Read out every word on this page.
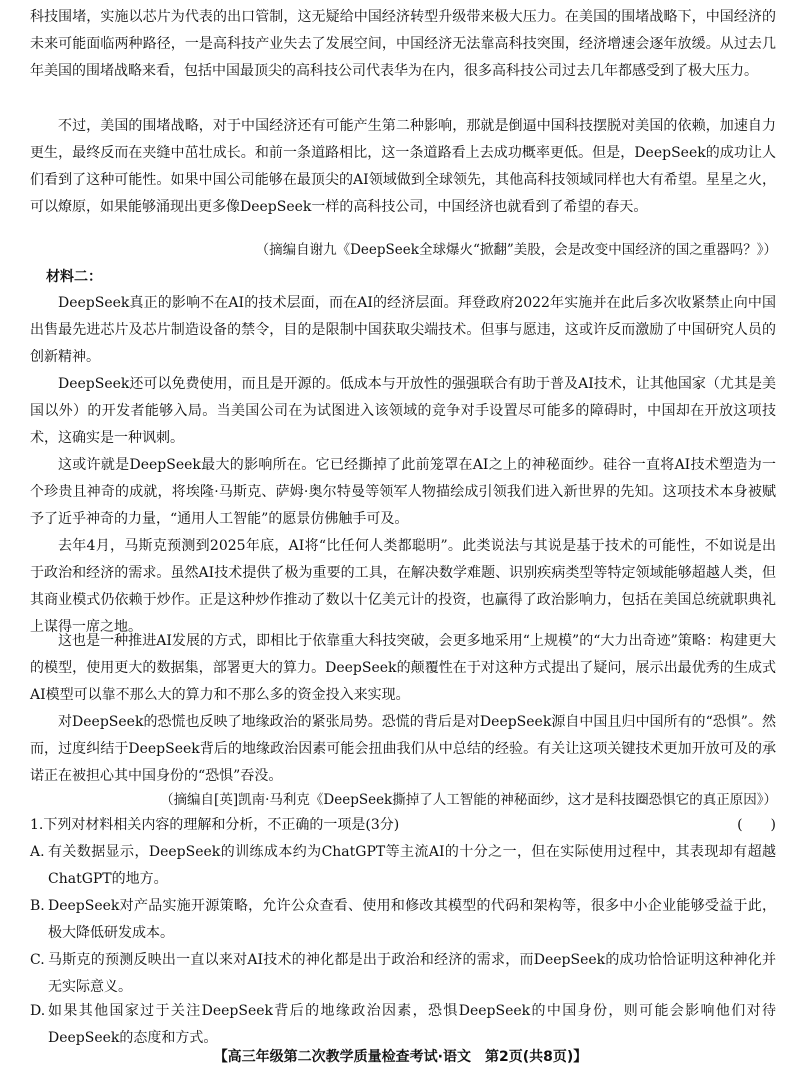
科技围堵，实施以芯片为代表的出口管制，这无疑给中国经济转型升级带来极大压力。在美国的围堵战略下，中国经济的未来可能面临两种路径，一是高科技产业失去了发展空间，中国经济无法靠高科技突围，经济增速会逐年放缓。从过去几年美国的围堵战略来看，包括中国最顶尖的高科技公司代表华为在内，很多高科技公司过去几年都感受到了极大压力。

不过，美国的围堵战略，对于中国经济还有可能产生第二种影响，那就是倒逼中国科技摆脱对美国的依赖，加速自力更生，最终反而在夹缝中茁壮成长。和前一条道路相比，这一条道路看上去成功概率更低。但是，DeepSeek的成功让人们看到了这种可能性。如果中国公司能够在最顶尖的AI领域做到全球领先，其他高科技领域同样也大有希望。星星之火，可以燎原，如果能够涌现出更多像DeepSeek一样的高科技公司，中国经济也就看到了希望的春天。

（摘编自谢九《DeepSeek全球爆火“掀翻”美股，会是改变中国经济的国之重器吗？》）
材料二：

DeepSeek真正的影响不在AI的技术层面，而在AI的经济层面。拜登政府2022年实施并在此后多次收紧禁止向中国出售最先进芯片及芯片制造设备的禁令，目的是限制中国获取尖端技术。但事与愿违，这或许反而激励了中国研究人员的创新精神。

DeepSeek还可以免费使用，而且是开源的。低成本与开放性的强强联合有助于普及AI技术，让其他国家（尤其是美国以外）的开发者能够入局。当美国公司在为试图进入该领域的竞争对手设置尽可能多的障碍时，中国却在开放这项技术，这确实是一种讽刺。

这或许就是DeepSeek最大的影响所在。它已经撕掉了此前笼罩在AI之上的神秘面纱。硅谷一直将AI技术塑造为一个珍贵且神奇的成就，将埃隆·马斯克、萨姆·奥尔特曼等领军人物描绘成引领我们进入新世界的先知。这项技术本身被赋予了近乎神奇的力量，“通用人工智能”的愿景仿佛触手可及。

去年4月，马斯克预测到2025年底，AI将“比任何人类都聪明”。此类说法与其说是基于技术的可能性，不如说是出于政治和经济的需求。虽然AI技术提供了极为重要的工具，在解决数学难题、识别疾病类型等特定领域能够超越人类，但其商业模式仍依赖于炒作。正是这种炒作推动了数以十亿美元计的投资，也赢得了政治影响力，包括在美国总统就职典礼上谋得一席之地。

这也是一种推进AI发展的方式，即相比于依靠重大科技突破，会更多地采用“上规模”的“大力出奇迹”策略：构建更大的模型，使用更大的数据集，部署更大的算力。DeepSeek的颠覆性在于对这种方式提出了疑问，展示出最优秀的生成式AI模型可以靠不那么大的算力和不那么多的资金投入来实现。

对DeepSeek的恐慌也反映了地缘政治的紧张局势。恐慌的背后是对DeepSeek源自中国且归中国所有的“恐惧”。然而，过度纠结于DeepSeek背后的地缘政治因素可能会扭曲我们从中总结的经验。有关让这项关键技术更加开放可及的承诺正在被担心其中国身份的“恐惧”吞没。

（摘编自[英]凯南·马利克《DeepSeek撕掉了人工智能的神秘面纱，这才是科技圈恐惧它的真正原因》）
1.下列对材料相关内容的理解和分析，不正确的一项是(3分)	(　　)

A. 有关数据显示，DeepSeek的训练成本约为ChatGPT等主流AI的十分之一，但在实际使用过程中，其表现却有超越ChatGPT的地方。

B. DeepSeek对产品实施开源策略，允许公众查看、使用和修改其模型的代码和架构等，很多中小企业能够受益于此，极大降低研发成本。

C. 马斯克的预测反映出一直以来对AI技术的神化都是出于政治和经济的需求，而DeepSeek的成功恰恰证明这种神化并无实际意义。

D. 如果其他国家过于关注DeepSeek背后的地缘政治因素，恐惧DeepSeek的中国身份，则可能会影响他们对待DeepSeek的态度和方式。

【高三年级第二次教学质量检查考试·语文　第2页(共8页)】
